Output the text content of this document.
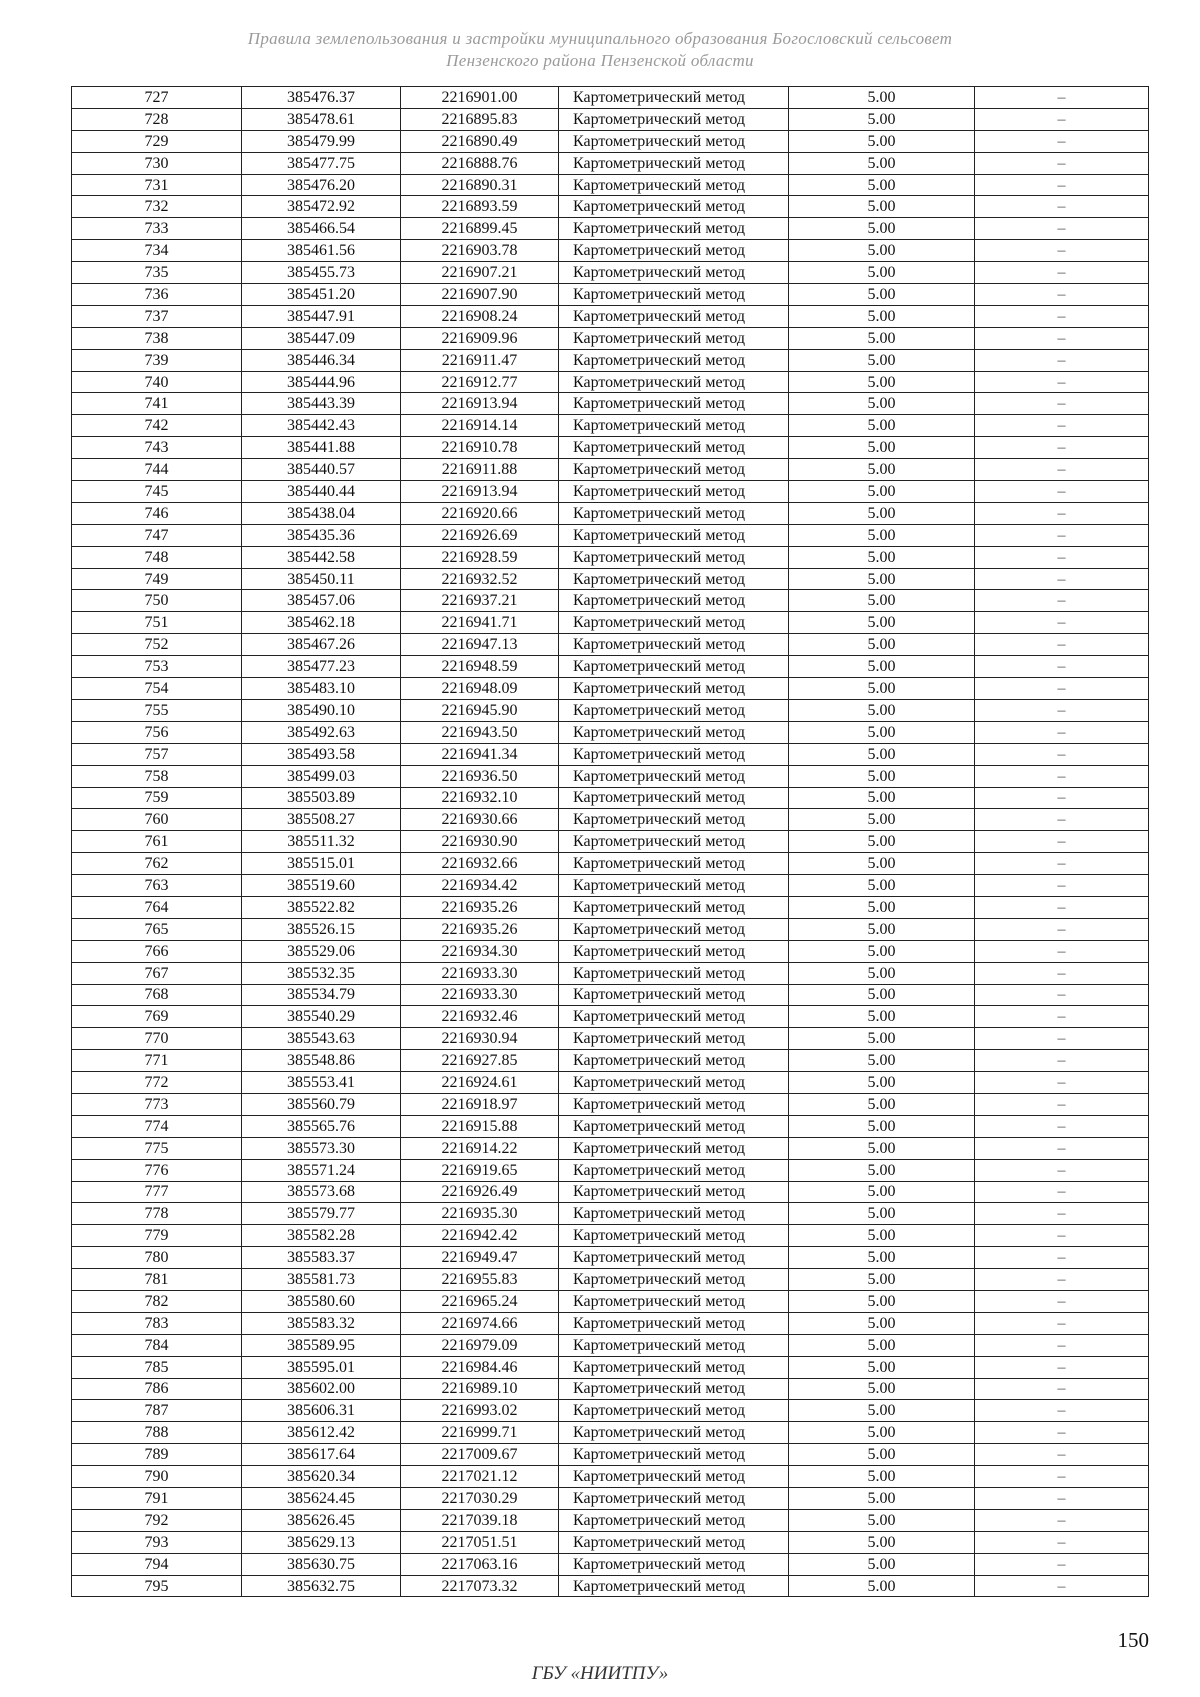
Правила землепользования и застройки муниципального образования Богословский сельсовет
Пензенского района Пензенской области
727	385476.37	2216901.00	Картометрический метод	5.00	–
728	385478.61	2216895.83	Картометрический метод	5.00	–
729	385479.99	2216890.49	Картометрический метод	5.00	–
730	385477.75	2216888.76	Картометрический метод	5.00	–
731	385476.20	2216890.31	Картометрический метод	5.00	–
732	385472.92	2216893.59	Картометрический метод	5.00	–
733	385466.54	2216899.45	Картометрический метод	5.00	–
734	385461.56	2216903.78	Картометрический метод	5.00	–
735	385455.73	2216907.21	Картометрический метод	5.00	–
736	385451.20	2216907.90	Картометрический метод	5.00	–
737	385447.91	2216908.24	Картометрический метод	5.00	–
738	385447.09	2216909.96	Картометрический метод	5.00	–
739	385446.34	2216911.47	Картометрический метод	5.00	–
740	385444.96	2216912.77	Картометрический метод	5.00	–
741	385443.39	2216913.94	Картометрический метод	5.00	–
742	385442.43	2216914.14	Картометрический метод	5.00	–
743	385441.88	2216910.78	Картометрический метод	5.00	–
744	385440.57	2216911.88	Картометрический метод	5.00	–
745	385440.44	2216913.94	Картометрический метод	5.00	–
746	385438.04	2216920.66	Картометрический метод	5.00	–
747	385435.36	2216926.69	Картометрический метод	5.00	–
748	385442.58	2216928.59	Картометрический метод	5.00	–
749	385450.11	2216932.52	Картометрический метод	5.00	–
750	385457.06	2216937.21	Картометрический метод	5.00	–
751	385462.18	2216941.71	Картометрический метод	5.00	–
752	385467.26	2216947.13	Картометрический метод	5.00	–
753	385477.23	2216948.59	Картометрический метод	5.00	–
754	385483.10	2216948.09	Картометрический метод	5.00	–
755	385490.10	2216945.90	Картометрический метод	5.00	–
756	385492.63	2216943.50	Картометрический метод	5.00	–
757	385493.58	2216941.34	Картометрический метод	5.00	–
758	385499.03	2216936.50	Картометрический метод	5.00	–
759	385503.89	2216932.10	Картометрический метод	5.00	–
760	385508.27	2216930.66	Картометрический метод	5.00	–
761	385511.32	2216930.90	Картометрический метод	5.00	–
762	385515.01	2216932.66	Картометрический метод	5.00	–
763	385519.60	2216934.42	Картометрический метод	5.00	–
764	385522.82	2216935.26	Картометрический метод	5.00	–
765	385526.15	2216935.26	Картометрический метод	5.00	–
766	385529.06	2216934.30	Картометрический метод	5.00	–
767	385532.35	2216933.30	Картометрический метод	5.00	–
768	385534.79	2216933.30	Картометрический метод	5.00	–
769	385540.29	2216932.46	Картометрический метод	5.00	–
770	385543.63	2216930.94	Картометрический метод	5.00	–
771	385548.86	2216927.85	Картометрический метод	5.00	–
772	385553.41	2216924.61	Картометрический метод	5.00	–
773	385560.79	2216918.97	Картометрический метод	5.00	–
774	385565.76	2216915.88	Картометрический метод	5.00	–
775	385573.30	2216914.22	Картометрический метод	5.00	–
776	385571.24	2216919.65	Картометрический метод	5.00	–
777	385573.68	2216926.49	Картометрический метод	5.00	–
778	385579.77	2216935.30	Картометрический метод	5.00	–
779	385582.28	2216942.42	Картометрический метод	5.00	–
780	385583.37	2216949.47	Картометрический метод	5.00	–
781	385581.73	2216955.83	Картометрический метод	5.00	–
782	385580.60	2216965.24	Картометрический метод	5.00	–
783	385583.32	2216974.66	Картометрический метод	5.00	–
784	385589.95	2216979.09	Картометрический метод	5.00	–
785	385595.01	2216984.46	Картометрический метод	5.00	–
786	385602.00	2216989.10	Картометрический метод	5.00	–
787	385606.31	2216993.02	Картометрический метод	5.00	–
788	385612.42	2216999.71	Картометрический метод	5.00	–
789	385617.64	2217009.67	Картометрический метод	5.00	–
790	385620.34	2217021.12	Картометрический метод	5.00	–
791	385624.45	2217030.29	Картометрический метод	5.00	–
792	385626.45	2217039.18	Картометрический метод	5.00	–
793	385629.13	2217051.51	Картометрический метод	5.00	–
794	385630.75	2217063.16	Картометрический метод	5.00	–
795	385632.75	2217073.32	Картометрический метод	5.00	–
150
ГБУ «НИИТПУ»
